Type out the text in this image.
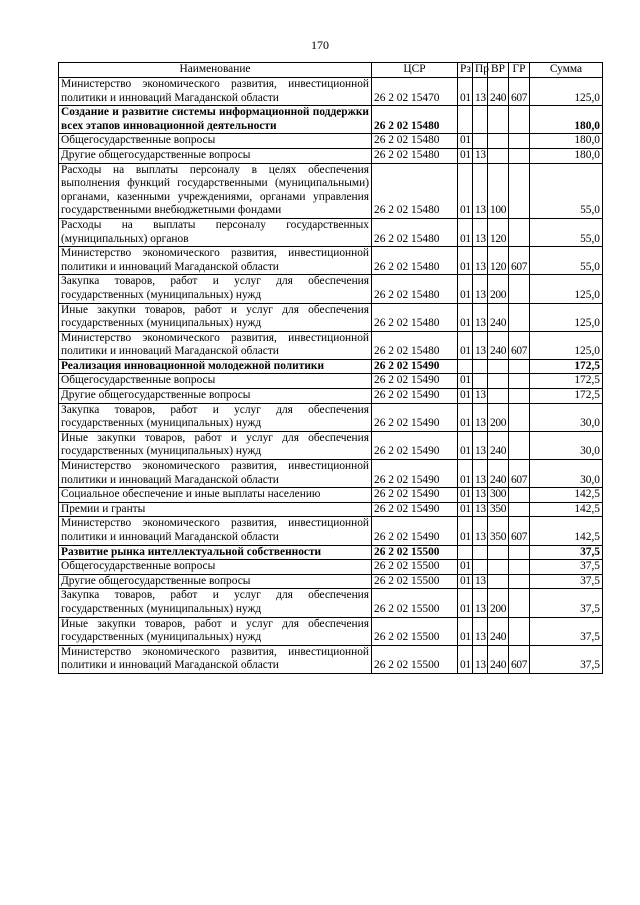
170
Наименование	ЦСР	Рз	Пр	ВР	ГР	Сумма
Министерство экономического развития, инвестиционной политики и инноваций Магаданской области	26 2 02 15470	01	13	240	607	125,0
Создание и развитие системы информационной поддержки всех этапов инновационной деятельности	26 2 02 15480					180,0
Общегосударственные вопросы	26 2 02 15480	01				180,0
Другие общегосударственные вопросы	26 2 02 15480	01	13			180,0
Расходы на выплаты персоналу в целях обеспечения выполнения функций государственными (муниципальными) органами, казенными учреждениями, органами управления государственными внебюджетными фондами	26 2 02 15480	01	13	100		55,0
Расходы на выплаты персоналу государственных (муниципальных) органов	26 2 02 15480	01	13	120		55,0
Министерство экономического развития, инвестиционной политики и инноваций Магаданской области	26 2 02 15480	01	13	120	607	55,0
Закупка товаров, работ и услуг для обеспечения государственных (муниципальных) нужд	26 2 02 15480	01	13	200		125,0
Иные закупки товаров, работ и услуг для обеспечения государственных (муниципальных) нужд	26 2 02 15480	01	13	240		125,0
Министерство экономического развития, инвестиционной политики и инноваций Магаданской области	26 2 02 15480	01	13	240	607	125,0
Реализация инновационной молодежной политики	26 2 02 15490					172,5
Общегосударственные вопросы	26 2 02 15490	01				172,5
Другие общегосударственные вопросы	26 2 02 15490	01	13			172,5
Закупка товаров, работ и услуг для обеспечения государственных (муниципальных) нужд	26 2 02 15490	01	13	200		30,0
Иные закупки товаров, работ и услуг для обеспечения государственных (муниципальных) нужд	26 2 02 15490	01	13	240		30,0
Министерство экономического развития, инвестиционной политики и инноваций Магаданской области	26 2 02 15490	01	13	240	607	30,0
Социальное обеспечение и иные выплаты населению	26 2 02 15490	01	13	300		142,5
Премии и гранты	26 2 02 15490	01	13	350		142,5
Министерство экономического развития, инвестиционной политики и инноваций Магаданской области	26 2 02 15490	01	13	350	607	142,5
Развитие рынка интеллектуальной собственности	26 2 02 15500					37,5
Общегосударственные вопросы	26 2 02 15500	01				37,5
Другие общегосударственные вопросы	26 2 02 15500	01	13			37,5
Закупка товаров, работ и услуг для обеспечения государственных (муниципальных) нужд	26 2 02 15500	01	13	200		37,5
Иные закупки товаров, работ и услуг для обеспечения государственных (муниципальных) нужд	26 2 02 15500	01	13	240		37,5
Министерство экономического развития, инвестиционной политики и инноваций Магаданской области	26 2 02 15500	01	13	240	607	37,5
